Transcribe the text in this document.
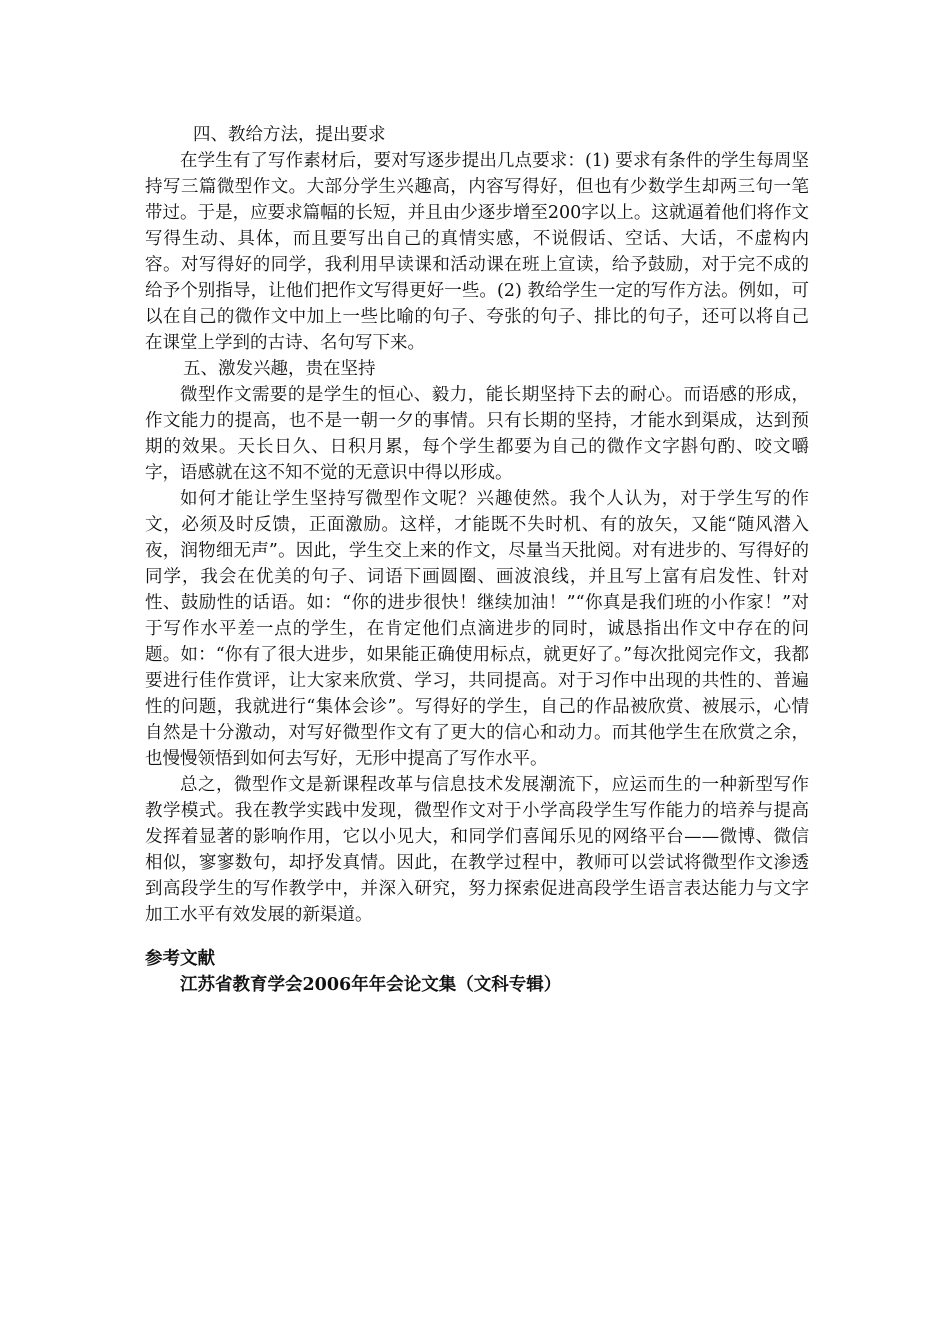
四、教给方法，提出要求

在学生有了写作素材后，要对写逐步提出几点要求：(1) 要求有条件的学生每周坚持写三篇微型作文。大部分学生兴趣高，内容写得好，但也有少数学生却两三句一笔带过。于是，应要求篇幅的长短，并且由少逐步增至200字以上。这就逼着他们将作文写得生动、具体，而且要写出自己的真情实感，不说假话、空话、大话，不虚构内容。对写得好的同学，我利用早读课和活动课在班上宣读，给予鼓励，对于完不成的给予个别指导，让他们把作文写得更好一些。(2) 教给学生一定的写作方法。例如，可以在自己的微作文中加上一些比喻的句子、夸张的句子、排比的句子，还可以将自己在课堂上学到的古诗、名句写下来。

五、激发兴趣，贵在坚持

微型作文需要的是学生的恒心、毅力，能长期坚持下去的耐心。而语感的形成，作文能力的提高，也不是一朝一夕的事情。只有长期的坚持，才能水到渠成，达到预期的效果。天长日久、日积月累，每个学生都要为自己的微作文字斟句酌、咬文嚼字，语感就在这不知不觉的无意识中得以形成。

如何才能让学生坚持写微型作文呢？兴趣使然。我个人认为，对于学生写的作文，必须及时反馈，正面激励。这样，才能既不失时机、有的放矢，又能“随风潜入夜，润物细无声”。因此，学生交上来的作文，尽量当天批阅。对有进步的、写得好的同学，我会在优美的句子、词语下画圆圈、画波浪线，并且写上富有启发性、针对性、鼓励性的话语。如：“你的进步很快！继续加油！”“你真是我们班的小作家！”对于写作水平差一点的学生，在肯定他们点滴进步的同时，诚恳指出作文中存在的问题。如：“你有了很大进步，如果能正确使用标点，就更好了。”每次批阅完作文，我都要进行佳作赏评，让大家来欣赏、学习，共同提高。对于习作中出现的共性的、普遍性的问题，我就进行“集体会诊”。写得好的学生，自己的作品被欣赏、被展示，心情自然是十分激动，对写好微型作文有了更大的信心和动力。而其他学生在欣赏之余，也慢慢领悟到如何去写好，无形中提高了写作水平。

总之，微型作文是新课程改革与信息技术发展潮流下，应运而生的一种新型写作教学模式。我在教学实践中发现，微型作文对于小学高段学生写作能力的培养与提高发挥着显著的影响作用，它以小见大，和同学们喜闻乐见的网络平台——微博、微信相似，寥寥数句，却抒发真情。因此，在教学过程中，教师可以尝试将微型作文渗透到高段学生的写作教学中，并深入研究，努力探索促进高段学生语言表达能力与文字加工水平有效发展的新渠道。

参考文献

江苏省教育学会2006年年会论文集（文科专辑）
